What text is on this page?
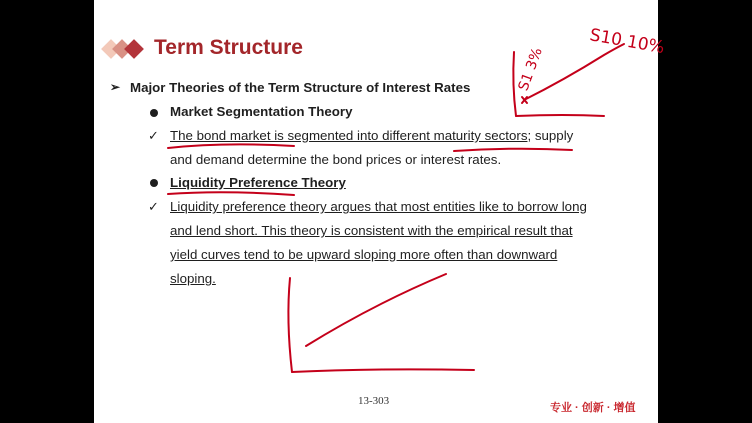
Term Structure
➢ Major Theories of the Term Structure of Interest Rates
Market Segmentation Theory
✓ The bond market is segmented into different maturity sectors; supply
and demand determine the bond prices or interest rates.
Liquidity Preference Theory
✓ Liquidity preference theory argues that most entities like to borrow long
and lend short. This theory is consistent with the empirical result that
yield curves tend to be upward sloping more often than downward
sloping.
13-303
专业 · 创新 · 增值
S10 10%
S1 3%
